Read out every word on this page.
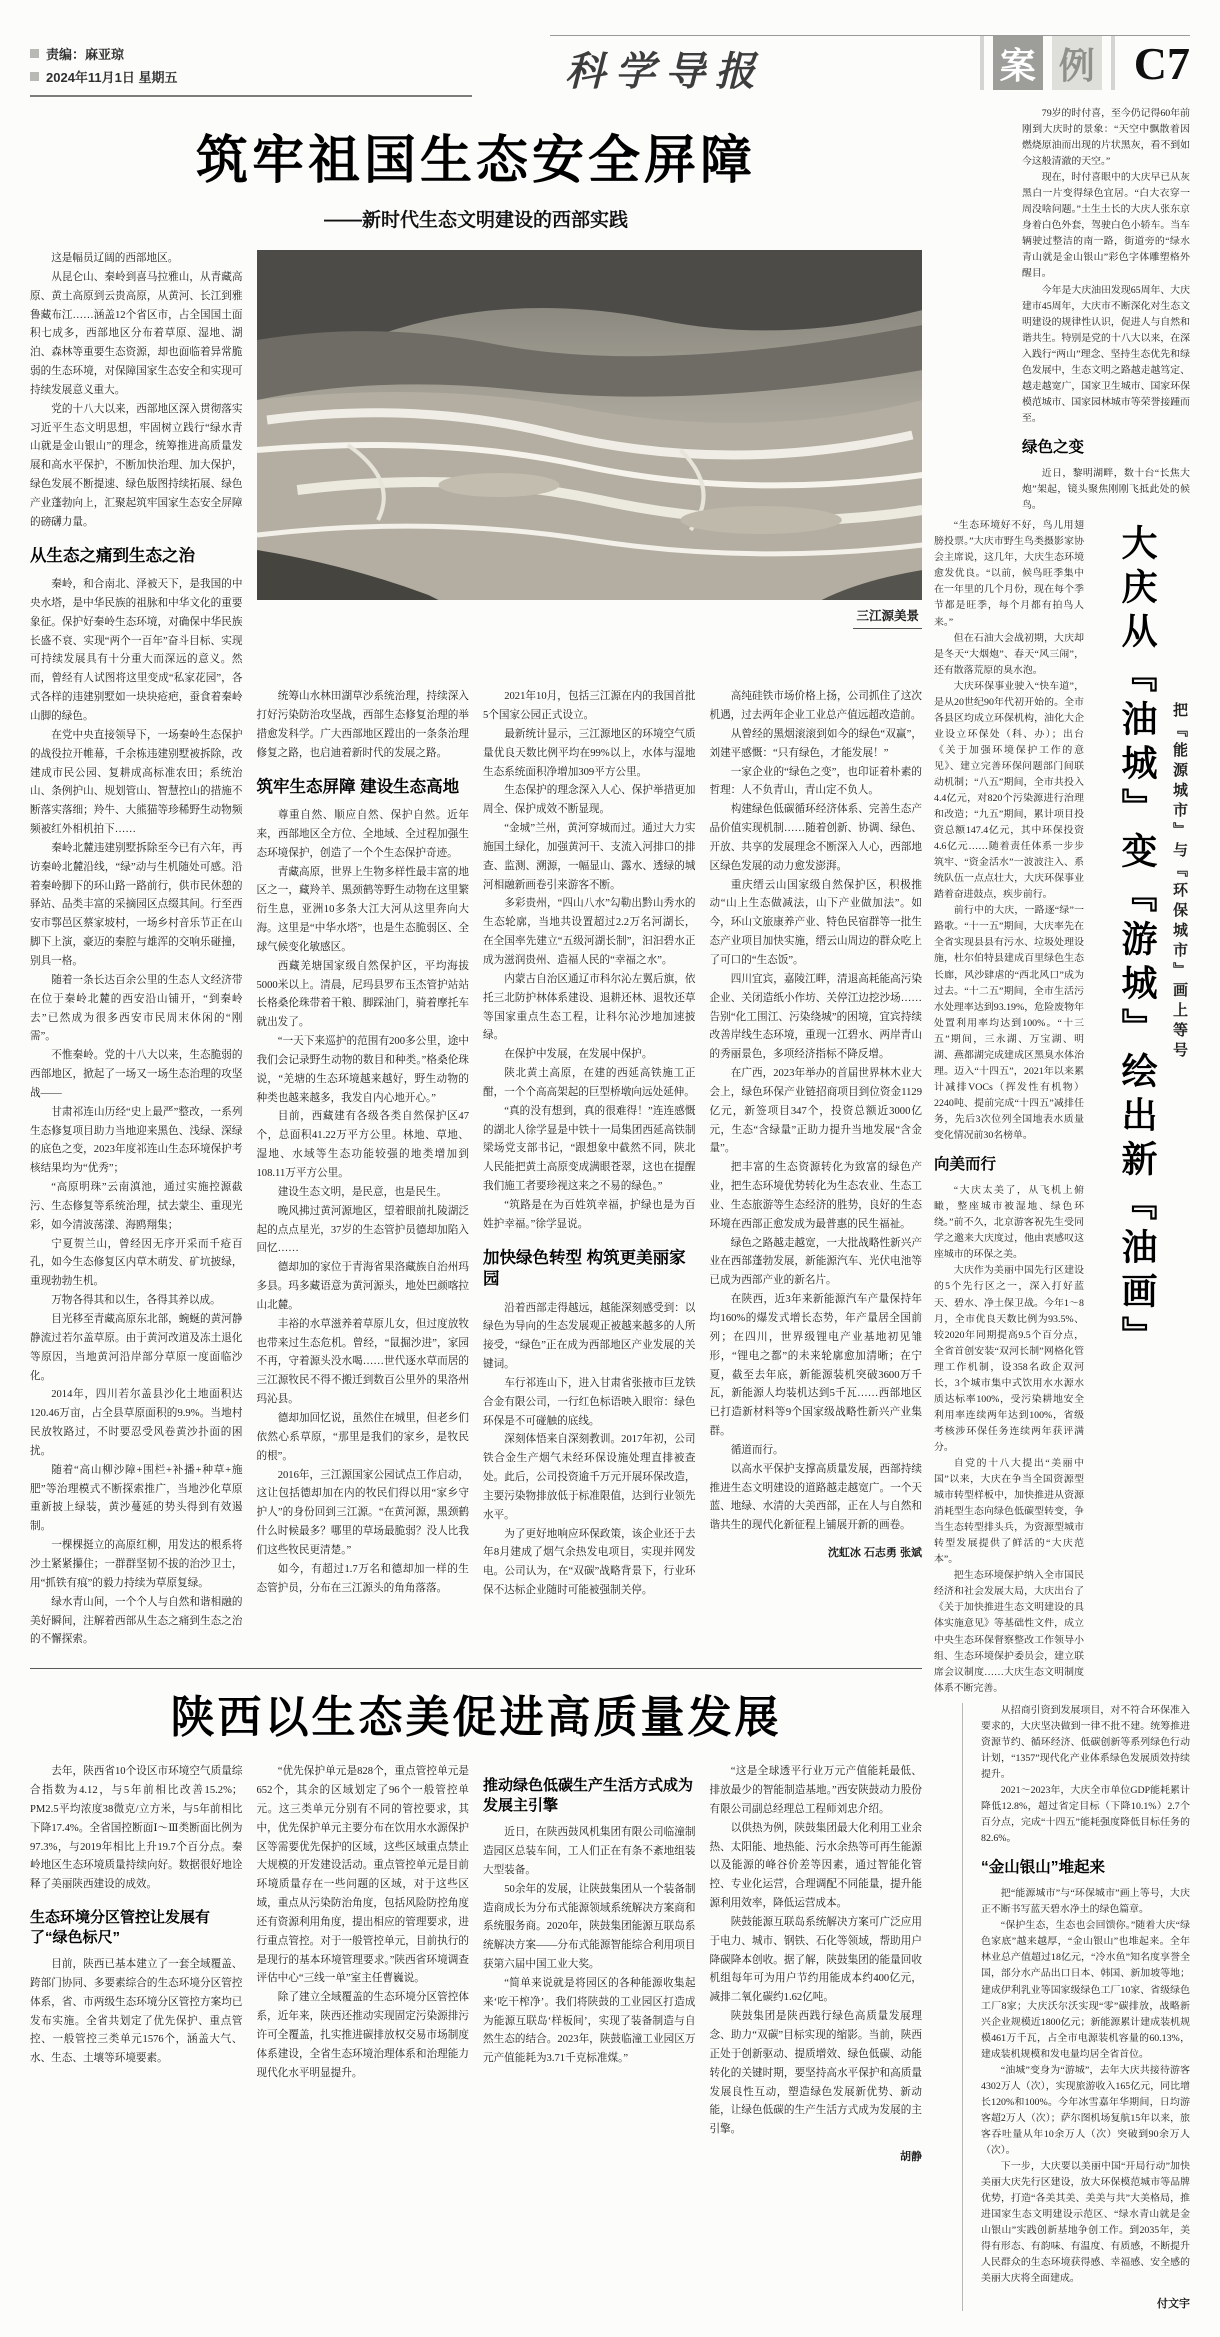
责编：麻亚琼
2024年11月1日 星期五	科学导报	案 例 C7
筑牢祖国生态安全屏障
——新时代生态文明建设的西部实践

这是幅员辽阔的西部地区。

从昆仑山、秦岭到喜马拉雅山，从青藏高原、黄土高原到云贵高原，从黄河、长江到雅鲁藏布江……涵盖12个省区市，占全国国土面积七成多，西部地区分布着草原、湿地、湖泊、森林等重要生态资源，却也面临着异常脆弱的生态环境，对保障国家生态安全和实现可持续发展意义重大。

党的十八大以来，西部地区深入贯彻落实习近平生态文明思想，牢固树立践行“绿水青山就是金山银山”的理念，统筹推进高质量发展和高水平保护，不断加快治理、加大保护，绿色发展不断提速、绿色版图持续拓展、绿色产业蓬勃向上，汇聚起筑牢国家生态安全屏障的磅礴力量。

从生态之痛到生态之治

秦岭，和合南北、泽被天下，是我国的中央水塔，是中华民族的祖脉和中华文化的重要象征。保护好秦岭生态环境，对确保中华民族长盛不衰、实现“两个一百年”奋斗目标、实现可持续发展具有十分重大而深远的意义。然而，曾经有人试图将这里变成“私家花园”，各式各样的违建别墅如一块块疮疤，蚕食着秦岭山脚的绿色。

在党中央直接领导下，一场秦岭生态保护的战役拉开帷幕，千余栋违建别墅被拆除，改建成市民公园、复耕成高标准农田；系统治山、条例护山、规划管山、智慧控山的措施不断落实落细；羚牛、大熊猫等珍稀野生动物频频被红外相机拍下……

秦岭北麓违建别墅拆除至今已有六年，再访秦岭北麓沿线，“绿”动与生机随处可感。沿着秦岭脚下的环山路一路前行，供市民休憩的驿站、品类丰富的采摘园区点缀其间。行至西安市鄠邑区蔡家坡村，一场乡村音乐节正在山脚下上演，豪迈的秦腔与雄浑的交响乐碰撞，别具一格。

随着一条长达百余公里的生态人文经济带在位于秦岭北麓的西安沿山铺开，“到秦岭去”已然成为很多西安市民周末休闲的“刚需”。

不惟秦岭。党的十八大以来，生态脆弱的西部地区，掀起了一场又一场生态治理的攻坚战——

甘肃祁连山历经“史上最严”整改，一系列生态修复项目助力当地迎来黑色、浅绿、深绿的底色之变，2023年度祁连山生态环境保护考核结果均为“优秀”；

“高原明珠”云南滇池，通过实施控源截污、生态修复等系统治理，拭去蒙尘、重现光彩，如今清波荡漾、海鸥翔集；

宁夏贺兰山，曾经因无序开采而千疮百孔，如今生态修复区内草木萌发、矿坑披绿，重现勃勃生机。

万物各得其和以生，各得其养以成。

目光移至青藏高原东北部，蜿蜒的黄河静静流过若尔盖草原。由于黄河改道及冻土退化等原因，当地黄河沿岸部分草原一度面临沙化。

2014年，四川若尔盖县沙化土地面积达120.46万亩，占全县草原面积的9.9%。当地村民放牧路过，不时要忍受风卷黄沙扑面的困扰。

随着“高山柳沙障+围栏+补播+种草+施肥”等治理模式不断探索推广，当地沙化草原重新披上绿装，黄沙蔓延的势头得到有效遏制。

一棵棵挺立的高原红柳，用发达的根系将沙土紧紧攥住；一群群坚韧不拔的治沙卫士，用“抓铁有痕”的毅力持续为草原复绿。

绿水青山间，一个个人与自然和谐相融的美好瞬间，注解着西部从生态之痛到生态之治的不懈探索。

三江源美景

统筹山水林田湖草沙系统治理，持续深入打好污染防治攻坚战，西部生态修复治理的举措愈发科学。广大西部地区蹚出的一条条治理修复之路，也启迪着新时代的发展之路。

筑牢生态屏障 建设生态高地

尊重自然、顺应自然、保护自然。近年来，西部地区全方位、全地域、全过程加强生态环境保护，创造了一个个生态保护奇迹。

青藏高原，世界上生物多样性最丰富的地区之一，藏羚羊、黑颈鹤等野生动物在这里繁衍生息，亚洲10多条大江大河从这里奔向大海。这里是“中华水塔”，也是生态脆弱区、全球气候变化敏感区。

西藏羌塘国家级自然保护区，平均海拔5000米以上。清晨，尼玛县罗布玉杰管护站站长格桑伦珠带着干粮、脚踩油门，骑着摩托车就出发了。

“一天下来巡护的范围有200多公里，途中我们会记录野生动物的数目和种类。”格桑伦珠说，“羌塘的生态环境越来越好，野生动物的种类也越来越多，我发自内心地开心。”

目前，西藏建有各级各类自然保护区47个，总面积41.22万平方公里。林地、草地、湿地、水域等生态功能较强的地类增加到108.11万平方公里。

建设生态文明，是民意，也是民生。

晚风拂过黄河源地区，望着眼前扎陵湖泛起的点点星光，37岁的生态管护员德却加陷入回忆……

德却加的家位于青海省果洛藏族自治州玛多县。玛多藏语意为黄河源头，地处巴颜喀拉山北麓。

丰裕的水草滋养着草原儿女，但过度放牧也带来过生态危机。曾经，“鼠掘沙进”，家园不再，守着源头没水喝……世代逐水草而居的三江源牧民不得不搬迁到数百公里外的果洛州玛沁县。

德却加回忆说，虽然住在城里，但老乡们依然心系草原，“那里是我们的家乡，是牧民的根”。

2016年，三江源国家公园试点工作启动，这让包括德却加在内的牧民们得以用“家乡守护人”的身份回到三江源。“在黄河源，黑颈鹤什么时候最多？哪里的草场最脆弱？没人比我们这些牧民更清楚。”

如今，有超过1.7万名和德却加一样的生态管护员，分布在三江源头的角角落落。

2021年10月，包括三江源在内的我国首批5个国家公园正式设立。

最新统计显示，三江源地区的环境空气质量优良天数比例平均在99%以上，水体与湿地生态系统面积净增加309平方公里。

生态保护的理念深入人心、保护举措更加周全、保护成效不断显现。

“金城”兰州，黄河穿城而过。通过大力实施国土绿化，加强黄河干、支流入河排口的排查、监测、溯源，一幅显山、露水、透绿的城河相融新画卷引来游客不断。

多彩贵州，“四山八水”勾勒出黔山秀水的生态轮廓，当地共设置超过2.2万名河湖长，在全国率先建立“五级河湖长制”，汩汩碧水正成为滋润贵州、造福人民的“幸福之水”。

内蒙古自治区通辽市科尔沁左翼后旗，依托三北防护林体系建设、退耕还林、退牧还草等国家重点生态工程，让科尔沁沙地加速披绿。

在保护中发展，在发展中保护。

陕北黄土高原，在建的西延高铁施工正酣，一个个高高架起的巨型桥墩向远处延伸。

“真的没有想到，真的很难得！”连连感慨的湖北人徐学显是中铁十一局集团西延高铁制梁场党支部书记，“跟想象中截然不同，陕北人民能把黄土高原变成满眼苍翠，这也在提醒我们施工者要珍视这来之不易的绿色。”

“筑路是在为百姓筑幸福，护绿也是为百姓护幸福。”徐学显说。

加快绿色转型 构筑更美丽家园

沿着西部走得越远，越能深刻感受到：以绿色为导向的生态发展观正被越来越多的人所接受，“绿色”正在成为西部地区产业发展的关键词。

车行祁连山下，进入甘肃省张掖市巨龙铁合金有限公司，一行红色标语映入眼帘：绿色环保是不可碰触的底线。

深刻体悟来自深刻教训。2017年初，公司铁合金生产烟气未经环保设施处理直排被查处。此后，公司投资逾千万元开展环保改造，主要污染物排放低于标准限值，达到行业领先水平。

为了更好地响应环保政策，该企业还于去年8月建成了烟气余热发电项目，实现并网发电。公司认为，在“双碳”战略背景下，行业环保不达标企业随时可能被强制关停。

高纯硅铁市场价格上扬，公司抓住了这次机遇，过去两年企业工业总产值远超改造前。

从曾经的黑烟滚滚到如今的绿色“双赢”，刘建平感慨：“只有绿色，才能发展！”

一家企业的“绿色之变”，也印证着朴素的哲理：人不负青山，青山定不负人。

构建绿色低碳循环经济体系、完善生态产品价值实现机制……随着创新、协调、绿色、开放、共享的发展理念不断深入人心，西部地区绿色发展的动力愈发澎湃。

重庆缙云山国家级自然保护区，积极推动“山上生态做减法，山下产业做加法”。如今，环山文旅康养产业、特色民宿群等一批生态产业项目加快实施，缙云山周边的群众吃上了可口的“生态饭”。

四川宜宾，嘉陵江畔，清退高耗能高污染企业、关闭造纸小作坊、关停江边挖沙场……告别“化工围江、污染绕城”的困境，宜宾持续改善岸线生态环境，重现一江碧水、两岸青山的秀丽景色，多项经济指标不降反增。

在广西，2023年举办的首届世界林木业大会上，绿色环保产业链招商项目到位资金1129亿元，新签项目347个，投资总额近3000亿元，生态“含绿量”正助力提升当地发展“含金量”。

把丰富的生态资源转化为致富的绿色产业，把生态环境优势转化为生态农业、生态工业、生态旅游等生态经济的胜势，良好的生态环境在西部正愈发成为最普惠的民生福祉。

绿色之路越走越宽，一大批战略性新兴产业在西部蓬勃发展，新能源汽车、光伏电池等已成为西部产业的新名片。

在陕西，近3年来新能源汽车产量保持年均160%的爆发式增长态势，年产量居全国前列；在四川，世界级锂电产业基地初见雏形，“锂电之都”的未来轮廓愈加清晰；在宁夏，截至去年底，新能源装机突破3600万千瓦，新能源人均装机达到5千瓦……西部地区已打造新材料等9个国家级战略性新兴产业集群。

循道而行。

以高水平保护支撑高质量发展，西部持续推进生态文明建设的道路越走越宽广。一个天蓝、地绿、水清的大美西部，正在人与自然和谐共生的现代化新征程上铺展开新的画卷。

沈虹冰 石志勇 张斌

陕西以生态美促进高质量发展

去年，陕西省10个设区市环境空气质量综合指数为4.12，与5年前相比改善15.2%；PM2.5平均浓度38微克/立方米，与5年前相比下降17.4%。全省国控断面Ⅰ～Ⅲ类断面比例为97.3%，与2019年相比上升19.7个百分点。秦岭地区生态环境质量持续向好。数据很好地诠释了美丽陕西建设的成效。

生态环境分区管控让发展有了“绿色标尺”

目前，陕西已基本建立了一套全域覆盖、跨部门协同、多要素综合的生态环境分区管控体系，省、市两级生态环境分区管控方案均已发布实施。全省共划定了优先保护、重点管控、一般管控三类单元1576个，涵盖大气、水、生态、土壤等环境要素。

“优先保护单元是828个，重点管控单元是652个，其余的区域划定了96个一般管控单元。这三类单元分别有不同的管控要求，其中，优先保护单元主要分布在饮用水水源保护区等需要优先保护的区域，这些区域重点禁止大规模的开发建设活动。重点管控单元是目前环境质量存在一些问题的区域，对于这些区域，重点从污染防治角度，包括风险防控角度还有资源利用角度，提出相应的管理要求，进行重点管控。对于一般管控单元，目前执行的是现行的基本环境管理要求。”陕西省环境调查评估中心“三线一单”室主任曹巍说。

除了建立全域覆盖的生态环境分区管控体系，近年来，陕西还推动实现固定污染源排污许可全覆盖，扎实推进碳排放权交易市场制度体系建设，全省生态环境治理体系和治理能力现代化水平明显提升。

推动绿色低碳生产生活方式成为发展主引擎

近日，在陕西鼓风机集团有限公司临潼制造园区总装车间，工人们正在有条不紊地组装大型装备。

50余年的发展，让陕鼓集团从一个装备制造商成长为分布式能源领域系统解决方案商和系统服务商。2020年，陕鼓集团能源互联岛系统解决方案——分布式能源智能综合利用项目获第六届中国工业大奖。

“简单来说就是将园区的各种能源收集起来‘吃干榨净’。我们将陕鼓的工业园区打造成为能源互联岛‘样板间’，实现了装备制造与自然生态的结合。2023年，陕鼓临潼工业园区万元产值能耗为3.71千克标准煤。”

“这是全球透平行业万元产值能耗最低、排放最少的智能制造基地。”西安陕鼓动力股份有限公司副总经理总工程师刘忠介绍。

以供热为例，陕鼓集团最大化利用工业余热、太阳能、地热能、污水余热等可再生能源以及能源的峰谷价差等因素，通过智能化管控、专业化运营，合理调配不同能量，提升能源利用效率，降低运营成本。

陕鼓能源互联岛系统解决方案可广泛应用于电力、城市、钢铁、石化等领域，帮助用户降碳降本创收。据了解，陕鼓集团的能量回收机组每年可为用户节约用能成本约400亿元，减排二氧化碳约1.62亿吨。

陕鼓集团是陕西践行绿色高质量发展理念、助力“双碳”目标实现的缩影。当前，陕西正处于创新驱动、提质增效、绿色低碳、动能转化的关键时期，要坚持高水平保护和高质量发展良性互动，塑造绿色发展新优势、新动能，让绿色低碳的生产生活方式成为发展的主引擎。

胡静

79岁的时付喜，至今仍记得60年前刚到大庆时的景象：“天空中飘散着因燃烧原油而出现的片状黑灰，看不到如今这般清澈的天空。”

现在，时付喜眼中的大庆早已从灰黑白一片变得绿色宜居。“白大衣穿一周没啥问题。”土生土长的大庆人张东京身着白色外套，驾驶白色小轿车。当车辆驶过整洁的南一路，街道旁的“绿水青山就是金山银山”彩色字体雕塑格外醒目。

今年是大庆油田发现65周年、大庆建市45周年，大庆市不断深化对生态文明建设的规律性认识，促进人与自然和谐共生。特别是党的十八大以来，在深入践行“两山”理念、坚持生态优先和绿色发展中，生态文明之路越走越笃定、越走越宽广，国家卫生城市、国家环保模范城市、国家园林城市等荣誉接踵而至。

绿色之变

近日，黎明湖畔，数十台“长焦大炮”架起，镜头聚焦刚刚飞抵此处的候鸟。

“生态环境好不好，鸟儿用翅膀投票。”大庆市野生鸟类摄影家协会主席说，这几年，大庆生态环境愈发优良。“以前，候鸟旺季集中在一年里的几个月份，现在每个季节都是旺季，每个月都有拍鸟人来。”

但在石油大会战初期，大庆却是冬天“大烟炮”、春天“风三闹”，还有散落荒原的臭水泡。

大庆环保事业驶入“快车道”，是从20世纪90年代初开始的。全市各县区均成立环保机构，油化大企业设立环保处（科、办）；出台《关于加强环境保护工作的意见》、建立完善环保问题部门间联动机制；“八五”期间，全市共投入4.4亿元，对820个污染源进行治理和改造；“九五”期间，累计项目投资总额147.4亿元，其中环保投资4.6亿元……随着责任体系一步步筑牢、“资金活水”一波波注入、系统队伍一点点壮大，大庆环保事业踏着奋进鼓点，疾步前行。

前行中的大庆，一路逐“绿”一路歌。“十一五”期间，大庆率先在全省实现县县有污水、垃圾处理设施，杜尔伯特县建成百里绿色生态长廊，风沙肆虐的“西北风口”成为过去。“十二五”期间，全市生活污水处理率达到93.19%，危险废物年处置利用率均达到100%。“十三五”期间，三永湖、万宝湖、明湖、燕都湖完成建成区黑臭水体治理。迈入“十四五”，2021年以来累计减排VOCs（挥发性有机物）2240吨、提前完成“十四五”减排任务，先后3次位列全国地表水质量变化情况前30名榜单。

向美而行

“大庆太美了，从飞机上俯瞰，整座城市被湿地、绿色环绕。”前不久，北京游客祝先生受同学之邀来大庆度过，他由衷感叹这座城市的环保之美。

大庆作为美丽中国先行区建设的5个先行区之一，深入打好蓝天、碧水、净土保卫战。今年1～8月，全市优良天数比例为93.5%、较2020年同期提高9.5个百分点，全省首创安装“双河长制”网格化管理工作机制，设358名政企双河长，3个城市集中式饮用水水源水质达标率100%，受污染耕地安全利用率连续两年达到100%，省级考核涉环保任务连续两年获评满分。

自党的十八大提出“美丽中国”以来，大庆在争当全国资源型城市转型样板中，加快推进从资源消耗型生态向绿色低碳型转变，争当生态转型排头兵，为资源型城市转型发展提供了鲜活的“大庆范本”。

把生态环境保护纳入全市国民经济和社会发展大局，大庆出台了《关于加快推进生态文明建设的具体实施意见》等基础性文件，成立中央生态环保督察整改工作领导小组、生态环境保护委员会，建立联席会议制度……大庆生态文明制度体系不断完善。

把『能源城市』与『环保城市』画上等号
大庆从『油城』变『游城』绘出新『油画』

从招商引资到发展项目，对不符合环保准入要求的，大庆坚决做到一律不批不建。统筹推进资源节约、循环经济、低碳创新等系列绿色行动计划，“1357”现代化产业体系绿色发展质效持续提升。

2021～2023年，大庆全市单位GDP能耗累计降低12.8%，超过省定目标（下降10.1%）2.7个百分点，完成“十四五”能耗强度降低目标任务的82.6%。

“金山银山”堆起来

把“能源城市”与“环保城市”画上等号，大庆正不断书写蓝天碧水净土的绿色篇章。

“保护生态，生态也会回馈你。”随着大庆“绿色家底”越来越厚，“金山银山”也堆起来。全年林业总产值超过18亿元，“冷水鱼”知名度享誉全国，部分水产品出口日本、韩国、新加坡等地；建成伊利乳业等国家级绿色工厂10家、省级绿色工厂8家；大庆沃尔沃实现“零”碳排放，战略新兴企业规模近1800亿元；新能源累计建成装机规模461万千瓦，占全市电源装机容量的60.13%，建成装机规模和发电量均居全省首位。

“油城”变身为“游城”，去年大庆共接待游客4302万人（次），实现旅游收入165亿元，同比增长120%和100%。今年冰雪嘉年华期间，日均游客超2万人（次）；萨尔图机场复航15年以来，旅客吞吐量从年10余万人（次）突破到90余万人（次）。

下一步，大庆要以美丽中国“开局行动”加快美丽大庆先行区建设，放大环保模范城市等品牌优势，打造“各美其美、美美与共”大美格局，推进国家生态文明建设示范区、“绿水青山就是金山银山”实践创新基地争创工作。到2035年，美得有形态、有韵味、有温度、有质感，不断提升人民群众的生态环境获得感、幸福感、安全感的美丽大庆将全面建成。

付文宇
